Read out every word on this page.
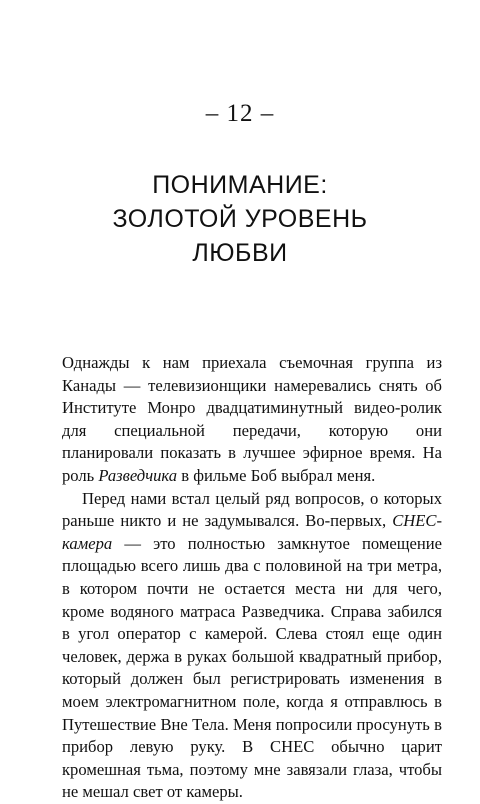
– 12 –
ПОНИМАНИЕ:
ЗОЛОТОЙ УРОВЕНЬ
ЛЮБВИ

Однажды к нам приехала съемочная группа из Канады — телевизионщики намеревались снять об Институте Монро двадцатиминутный видео-ролик для специальной передачи, которую они планировали показать в лучшее эфирное время. На роль Разведчика в фильме Боб выбрал меня.

Перед нами встал целый ряд вопросов, о которых раньше никто и не задумывался. Во-первых, СНЕС-камера — это полностью замкнутое помещение площадью всего лишь два с половиной на три метра, в котором почти не остается места ни для чего, кроме водяного матраса Разведчика. Справа забился в угол оператор с камерой. Слева стоял еще один человек, держа в руках большой квадратный прибор, который должен был регистрировать изменения в моем электромагнитном поле, когда я отправлюсь в Путешествие Вне Тела. Меня попросили просунуть в прибор левую руку. В СНЕС обычно царит кромешная тьма, поэтому мне завязали глаза, чтобы не мешал свет от камеры.
